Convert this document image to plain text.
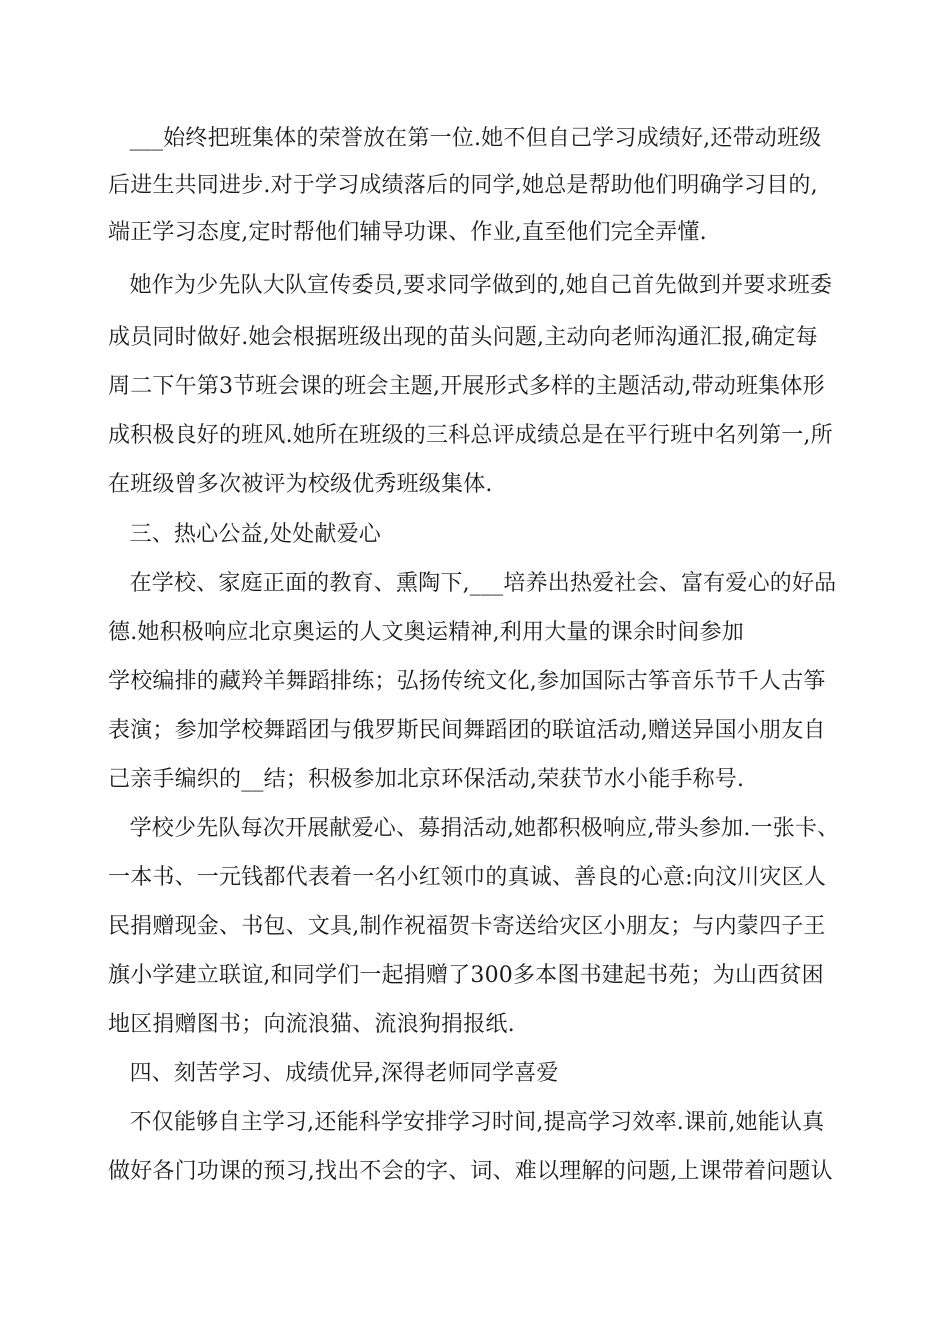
___始终把班集体的荣誉放在第一位.她不但自己学习成绩好,还带动班级
后进生共同进步.对于学习成绩落后的同学,她总是帮助他们明确学习目的,
端正学习态度,定时帮他们辅导功课、作业,直至他们完全弄懂.
她作为少先队大队宣传委员,要求同学做到的,她自己首先做到并要求班委
成员同时做好.她会根据班级出现的苗头问题,主动向老师沟通汇报,确定每
周二下午第3节班会课的班会主题,开展形式多样的主题活动,带动班集体形
成积极良好的班风.她所在班级的三科总评成绩总是在平行班中名列第一,所
在班级曾多次被评为校级优秀班级集体.
三、热心公益,处处献爱心
在学校、家庭正面的教育、熏陶下,___培养出热爱社会、富有爱心的好品
德.她积极响应北京奥运的人文奥运精神,利用大量的课余时间参加
学校编排的藏羚羊舞蹈排练；弘扬传统文化,参加国际古筝音乐节千人古筝
表演；参加学校舞蹈团与俄罗斯民间舞蹈团的联谊活动,赠送异国小朋友自
己亲手编织的__结；积极参加北京环保活动,荣获节水小能手称号.
学校少先队每次开展献爱心、募捐活动,她都积极响应,带头参加.一张卡、
一本书、一元钱都代表着一名小红领巾的真诚、善良的心意:向汶川灾区人
民捐赠现金、书包、文具,制作祝福贺卡寄送给灾区小朋友；与内蒙四子王
旗小学建立联谊,和同学们一起捐赠了300多本图书建起书苑；为山西贫困
地区捐赠图书；向流浪猫、流浪狗捐报纸.
四、刻苦学习、成绩优异,深得老师同学喜爱
不仅能够自主学习,还能科学安排学习时间,提高学习效率.课前,她能认真
做好各门功课的预习,找出不会的字、词、难以理解的问题,上课带着问题认
